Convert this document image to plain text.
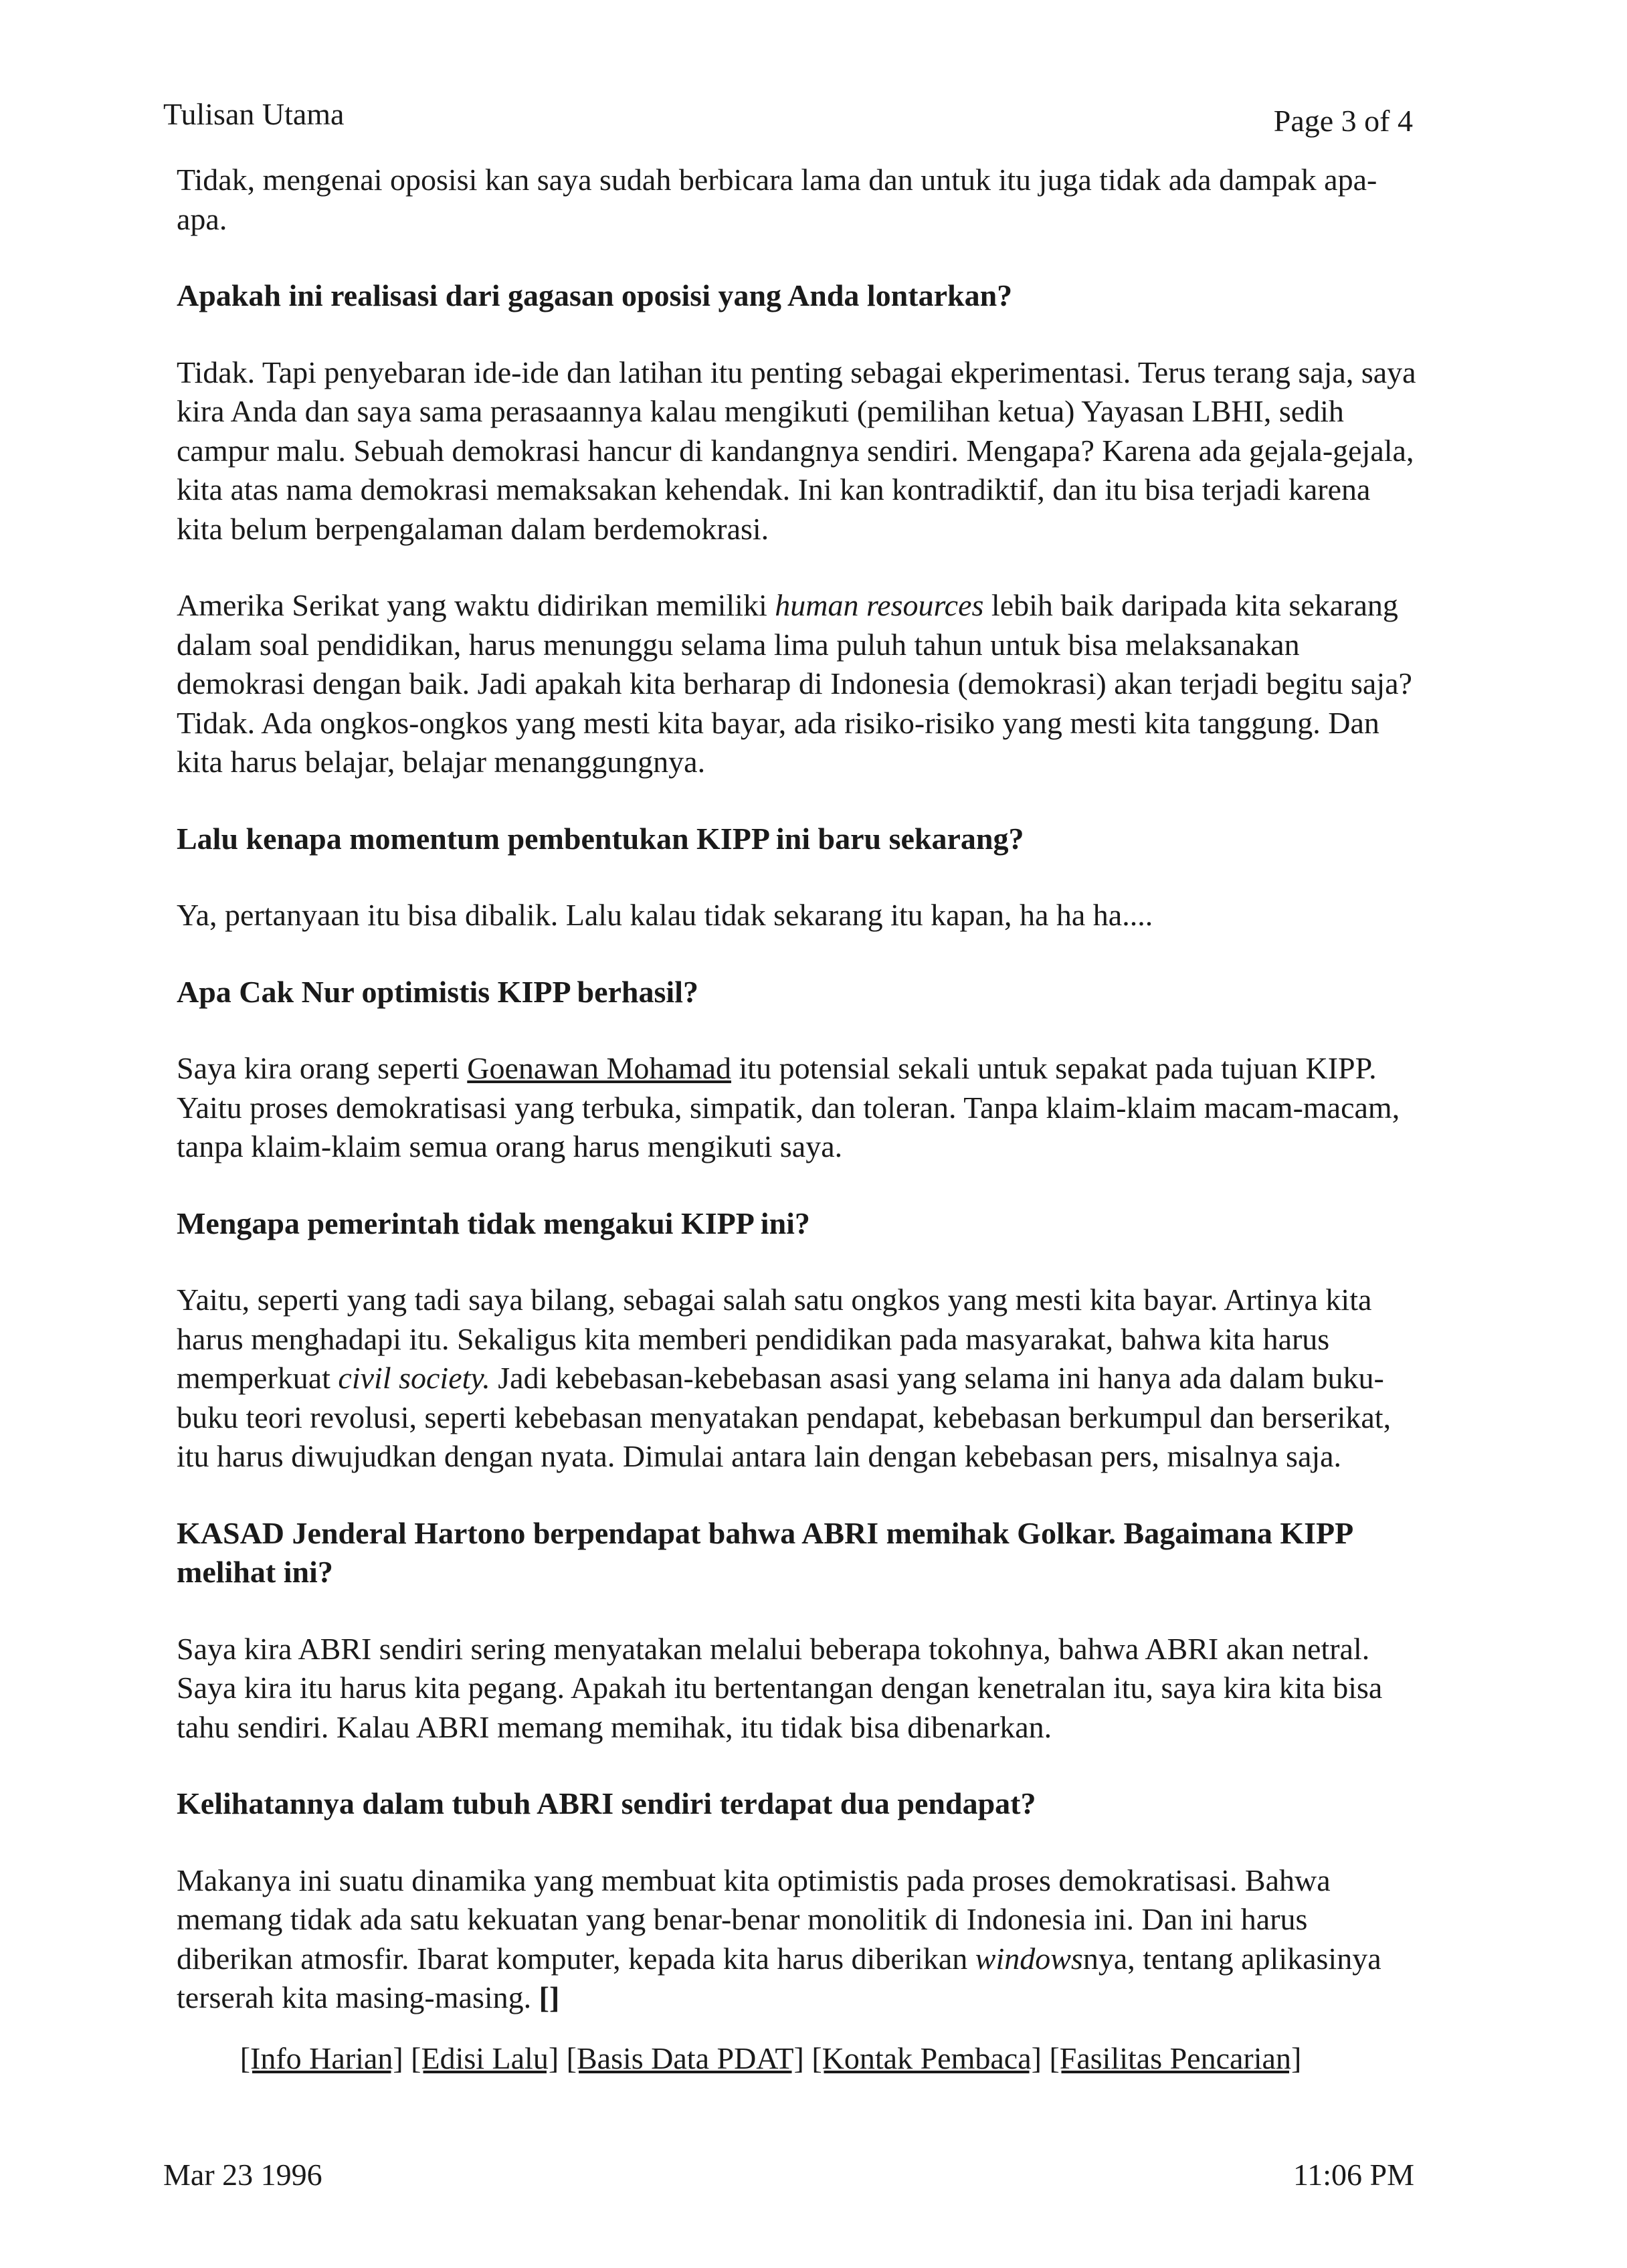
Tulisan Utama	Page 3 of 4

Tidak, mengenai oposisi kan saya sudah berbicara lama dan untuk itu juga tidak ada dampak apa-apa.

Apakah ini realisasi dari gagasan oposisi yang Anda lontarkan?

Tidak. Tapi penyebaran ide-ide dan latihan itu penting sebagai ekperimentasi. Terus terang saja, saya kira Anda dan saya sama perasaannya kalau mengikuti (pemilihan ketua) Yayasan LBHI, sedih campur malu. Sebuah demokrasi hancur di kandangnya sendiri. Mengapa? Karena ada gejala-gejala, kita atas nama demokrasi memaksakan kehendak. Ini kan kontradiktif, dan itu bisa terjadi karena kita belum berpengalaman dalam berdemokrasi.

Amerika Serikat yang waktu didirikan memiliki human resources lebih baik daripada kita sekarang dalam soal pendidikan, harus menunggu selama lima puluh tahun untuk bisa melaksanakan demokrasi dengan baik. Jadi apakah kita berharap di Indonesia (demokrasi) akan terjadi begitu saja? Tidak. Ada ongkos-ongkos yang mesti kita bayar, ada risiko-risiko yang mesti kita tanggung. Dan kita harus belajar, belajar menanggungnya.

Lalu kenapa momentum pembentukan KIPP ini baru sekarang?

Ya, pertanyaan itu bisa dibalik. Lalu kalau tidak sekarang itu kapan, ha ha ha....

Apa Cak Nur optimistis KIPP berhasil?

Saya kira orang seperti Goenawan Mohamad itu potensial sekali untuk sepakat pada tujuan KIPP. Yaitu proses demokratisasi yang terbuka, simpatik, dan toleran. Tanpa klaim-klaim macam-macam, tanpa klaim-klaim semua orang harus mengikuti saya.

Mengapa pemerintah tidak mengakui KIPP ini?

Yaitu, seperti yang tadi saya bilang, sebagai salah satu ongkos yang mesti kita bayar. Artinya kita harus menghadapi itu. Sekaligus kita memberi pendidikan pada masyarakat, bahwa kita harus memperkuat civil society. Jadi kebebasan-kebebasan asasi yang selama ini hanya ada dalam buku-buku teori revolusi, seperti kebebasan menyatakan pendapat, kebebasan berkumpul dan berserikat, itu harus diwujudkan dengan nyata. Dimulai antara lain dengan kebebasan pers, misalnya saja.

KASAD Jenderal Hartono berpendapat bahwa ABRI memihak Golkar. Bagaimana KIPP melihat ini?

Saya kira ABRI sendiri sering menyatakan melalui beberapa tokohnya, bahwa ABRI akan netral. Saya kira itu harus kita pegang. Apakah itu bertentangan dengan kenetralan itu, saya kira kita bisa tahu sendiri. Kalau ABRI memang memihak, itu tidak bisa dibenarkan.

Kelihatannya dalam tubuh ABRI sendiri terdapat dua pendapat?

Makanya ini suatu dinamika yang membuat kita optimistis pada proses demokratisasi. Bahwa memang tidak ada satu kekuatan yang benar-benar monolitik di Indonesia ini. Dan ini harus diberikan atmosfir. Ibarat komputer, kepada kita harus diberikan windowsnya, tentang aplikasinya terserah kita masing-masing. []

[Info Harian] [Edisi Lalu] [Basis Data PDAT] [Kontak Pembaca] [Fasilitas Pencarian]
Mar 23 1996	11:06 PM
